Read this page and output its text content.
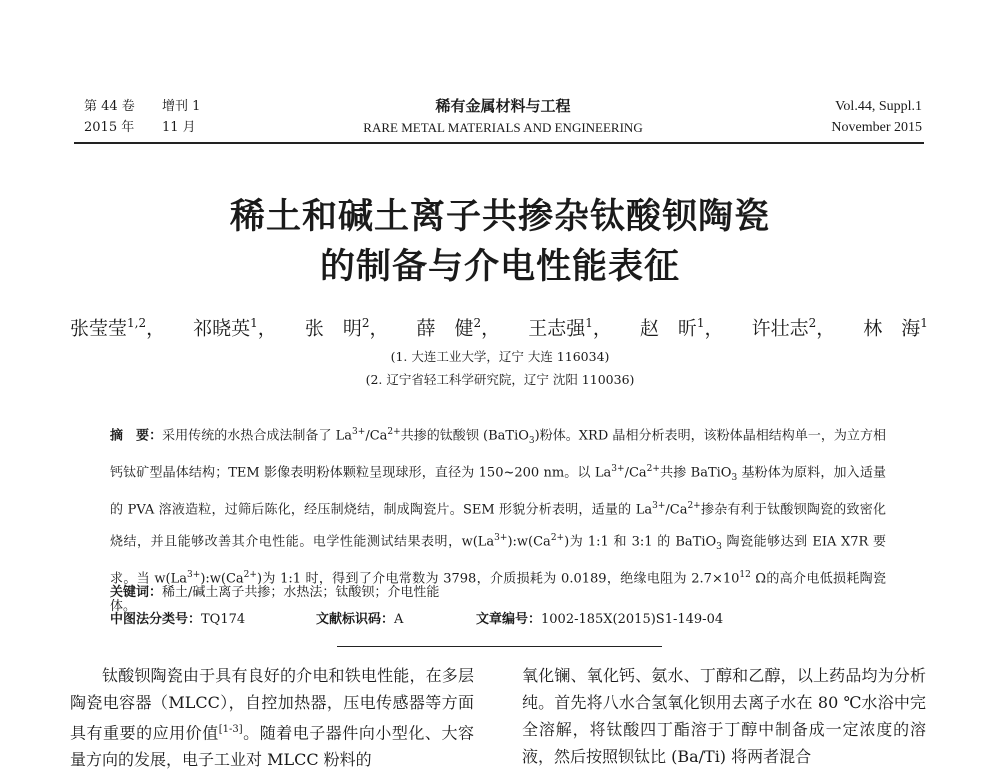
第 44 卷 增刊 1
2015 年 11 月
稀有金属材料与工程
RARE METAL MATERIALS AND ENGINEERING
Vol.44, Suppl.1
November 2015
稀土和碱土离子共掺杂钛酸钡陶瓷
的制备与介电性能表征
张莹莹$^{1,2}$， 祁晓英$^1$， 张　明$^2$， 薛　健$^2$， 王志强$^1$， 赵　昕$^1$， 许壮志$^2$， 林　海$^1$
(1. 大连工业大学，辽宁 大连 116034)
(2. 辽宁省轻工科学研究院，辽宁 沈阳 110036)

摘　要：采用传统的水热合成法制备了 $La^{3+}/Ca^{2+}$共掺的钛酸钡 (BaTiO$_3$)粉体。XRD 晶相分析表明，该粉体晶相结构单一，为立方相钙钛矿型晶体结构；TEM 影像表明粉体颗粒呈现球形，直径为 150~200 nm。以 $La^{3+}/Ca^{2+}$共掺 BaTiO$_3$ 基粉体为原料，加入适量的 PVA 溶液造粒，过筛后陈化，经压制烧结，制成陶瓷片。SEM 形貌分析表明，适量的 $La^{3+}/Ca^{2+}$掺杂有利于钛酸钡陶瓷的致密化烧结，并且能够改善其介电性能。电学性能测试结果表明，$w(La^{3+}):w(Ca^{2+})$为 1:1 和 3:1 的 BaTiO$_3$ 陶瓷能够达到 EIA X7R 要求。当 $w(La^{3+}):w(Ca^{2+})$为 1:1 时，得到了介电常数为 3798，介质损耗为 0.0189，绝缘电阻为 $2.7\times 10^{12}$ Ω的高介电低损耗陶瓷体。

关键词：稀土/碱土离子共掺；水热法；钛酸钡；介电性能
中图法分类号：TQ174	文献标识码：A	文章编号：1002-185X(2015)S1-149-04

钛酸钡陶瓷由于具有良好的介电和铁电性能，在多层陶瓷电容器（MLCC），自控加热器，压电传感器等方面具有重要的应用价值[1-3]。随着电子器件向小型化、大容量方向的发展，电子工业对 MLCC 粉料的

氧化镧、氧化钙、氨水、丁醇和乙醇，以上药品均为分析纯。首先将八水合氢氧化钡用去离子水在 80 ℃水浴中完全溶解，将钛酸四丁酯溶于丁醇中制备成一定浓度的溶液，然后按照钡钛比 (Ba/Ti) 将两者混合
